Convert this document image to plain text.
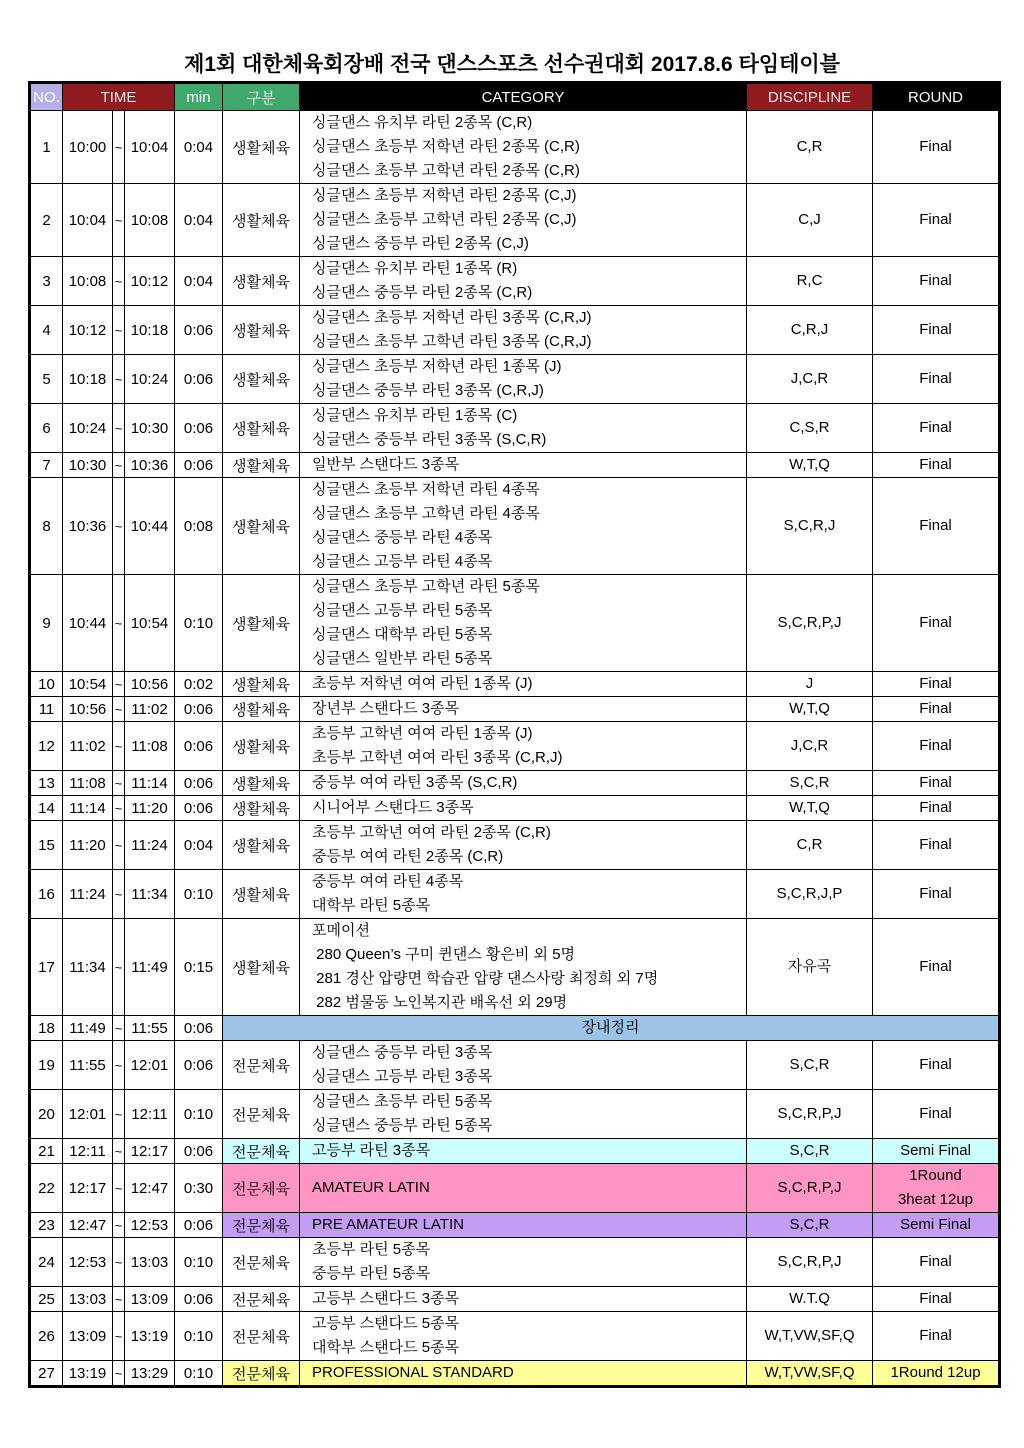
제1회 대한체육회장배 전국 댄스스포츠 선수권대회 2017.8.6 타임테이블
NO.	TIME			min	구분	CATEGORY	DISCIPLINE	ROUND
1	10:00	~	10:04	0:04	생활체육	싱글댄스 유치부 라틴 2종목 (C,R)
싱글댄스 초등부 저학년 라틴 2종목 (C,R)
싱글댄스 초등부 고학년 라틴 2종목 (C,R)	C,R	Final

2	10:04	~	10:08	0:04	생활체육	싱글댄스 초등부 저학년 라틴 2종목 (C,J)
싱글댄스 초등부 고학년 라틴 2종목 (C,J)
싱글댄스 중등부 라틴 2종목 (C,J)	C,J	Final

3	10:08	~	10:12	0:04	생활체육	싱글댄스 유치부 라틴 1종목 (R)
싱글댄스 중등부 라틴 2종목 (C,R)	R,C	Final

4	10:12	~	10:18	0:06	생활체육	싱글댄스 초등부 저학년 라틴 3종목 (C,R,J)
싱글댄스 초등부 고학년 라틴 3종목 (C,R,J)	C,R,J	Final

5	10:18	~	10:24	0:06	생활체육	싱글댄스 초등부 저학년 라틴 1종목 (J)
싱글댄스 중등부 라틴 3종목 (C,R,J)	J,C,R	Final

6	10:24	~	10:30	0:06	생활체육	싱글댄스 유치부 라틴 1종목 (C)
싱글댄스 중등부 라틴 3종목 (S,C,R)	C,S,R	Final

7	10:30	~	10:36	0:06	생활체육	일반부 스탠다드 3종목	W,T,Q	Final

8	10:36	~	10:44	0:08	생활체육	싱글댄스 초등부 저학년 라틴 4종목
싱글댄스 초등부 고학년 라틴 4종목
싱글댄스 중등부 라틴 4종목
싱글댄스 고등부 라틴 4종목	S,C,R,J	Final

9	10:44	~	10:54	0:10	생활체육	싱글댄스 초등부 고학년 라틴 5종목
싱글댄스 고등부 라틴 5종목
싱글댄스 대학부 라틴 5종목
싱글댄스 일반부 라틴 5종목	S,C,R,P,J	Final

10	10:54	~	10:56	0:02	생활체육	초등부 저학년 여여 라틴 1종목 (J)	J	Final

11	10:56	~	11:02	0:06	생활체육	장년부 스탠다드 3종목	W,T,Q	Final

12	11:02	~	11:08	0:06	생활체육	초등부 고학년 여여 라틴 1종목 (J)
초등부 고학년 여여 라틴 3종목 (C,R,J)	J,C,R	Final

13	11:08	~	11:14	0:06	생활체육	중등부 여여 라틴 3종목 (S,C,R)	S,C,R	Final

14	11:14	~	11:20	0:06	생활체육	시니어부 스탠다드 3종목	W,T,Q	Final

15	11:20	~	11:24	0:04	생활체육	초등부 고학년 여여 라틴 2종목 (C,R)
중등부 여여 라틴 2종목 (C,R)	C,R	Final

16	11:24	~	11:34	0:10	생활체육	중등부 여여 라틴 4종목
대학부 라틴 5종목	S,C,R,J,P	Final

17	11:34	~	11:49	0:15	생활체육	포메이션
280 Queen’s 구미 퀸댄스 황은비 외 5명
281 경산 압량면 학습관 압량 댄스사랑 최정희 외 7명
282 범물동 노인복지관 배옥선 외 29명	자유곡	Final

18	11:49	~	11:55	0:06	장내정리			

19	11:55	~	12:01	0:06	전문체육	싱글댄스 중등부 라틴 3종목
싱글댄스 고등부 라틴 3종목	S,C,R	Final

20	12:01	~	12:11	0:10	전문체육	싱글댄스 초등부 라틴 5종목
싱글댄스 중등부 라틴 5종목	S,C,R,P,J	Final

21	12:11	~	12:17	0:06	전문체육	고등부 라틴 3종목	S,C,R	Semi Final

22	12:17	~	12:47	0:30	전문체육	AMATEUR LATIN	S,C,R,P,J	1Round
3heat 12up

23	12:47	~	12:53	0:06	전문체육	PRE AMATEUR LATIN	S,C,R	Semi Final

24	12:53	~	13:03	0:10	전문체육	초등부 라틴 5종목
중등부 라틴 5종목	S,C,R,P,J	Final

25	13:03	~	13:09	0:06	전문체육	고등부 스탠다드 3종목	W.T.Q	Final

26	13:09	~	13:19	0:10	전문체육	고등부 스탠다드 5종목
대학부 스탠다드 5종목	W,T,VW,SF,Q	Final

27	13:19	~	13:29	0:10	전문체육	PROFESSIONAL STANDARD	W,T,VW,SF,Q	1Round 12up
